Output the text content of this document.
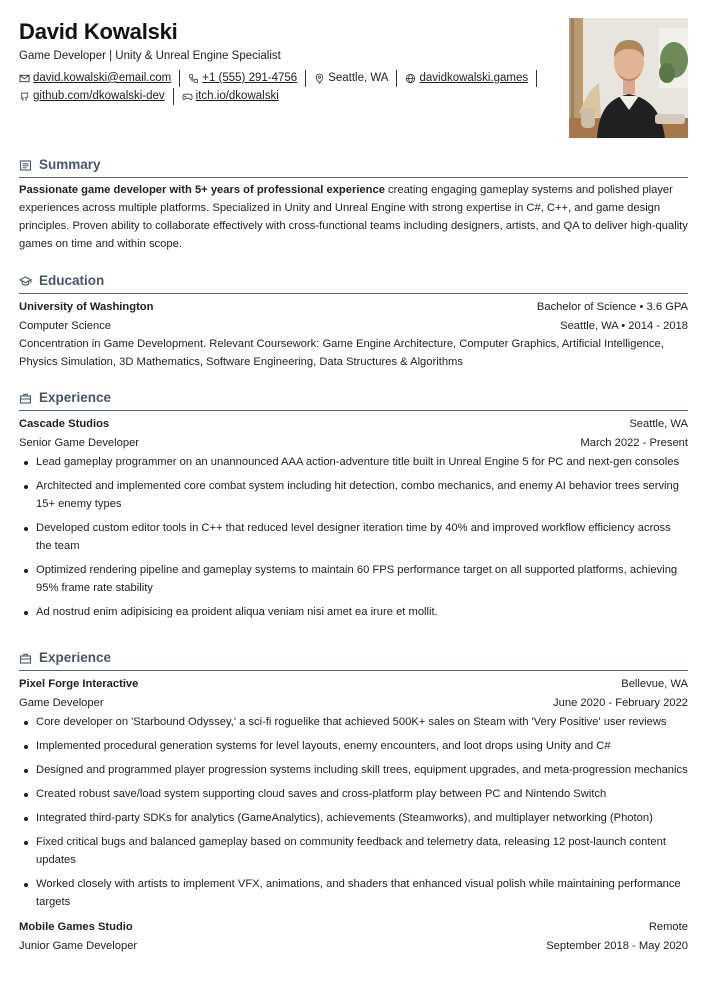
David Kowalski
Game Developer | Unity & Unreal Engine Specialist
david.kowalski@email.com	+1 (555) 291-4756	Seattle, WA	davidkowalski.games
github.com/dkowalski-dev	itch.io/dkowalski
Summary
Passionate game developer with 5+ years of professional experience creating engaging gameplay systems and polished player experiences across multiple platforms. Specialized in Unity and Unreal Engine with strong expertise in C#, C++, and game design principles. Proven ability to collaborate effectively with cross-functional teams including designers, artists, and QA to deliver high-quality games on time and within scope.
Education
University of Washington	Bachelor of Science • 3.6 GPA
Computer Science	Seattle, WA • 2014 - 2018
Concentration in Game Development. Relevant Coursework: Game Engine Architecture, Computer Graphics, Artificial Intelligence, Physics Simulation, 3D Mathematics, Software Engineering, Data Structures & Algorithms
Experience
Cascade Studios	Seattle, WA
Senior Game Developer	March 2022 - Present
Lead gameplay programmer on an unannounced AAA action-adventure title built in Unreal Engine 5 for PC and next-gen consoles
Architected and implemented core combat system including hit detection, combo mechanics, and enemy AI behavior trees serving 15+ enemy types
Developed custom editor tools in C++ that reduced level designer iteration time by 40% and improved workflow efficiency across the team
Optimized rendering pipeline and gameplay systems to maintain 60 FPS performance target on all supported platforms, achieving 95% frame rate stability
Ad nostrud enim adipisicing ea proident aliqua veniam nisi amet ea irure et mollit.
Experience
Pixel Forge Interactive	Bellevue, WA
Game Developer	June 2020 - February 2022
Core developer on 'Starbound Odyssey,' a sci-fi roguelike that achieved 500K+ sales on Steam with 'Very Positive' user reviews
Implemented procedural generation systems for level layouts, enemy encounters, and loot drops using Unity and C#
Designed and programmed player progression systems including skill trees, equipment upgrades, and meta-progression mechanics
Created robust save/load system supporting cloud saves and cross-platform play between PC and Nintendo Switch
Integrated third-party SDKs for analytics (GameAnalytics), achievements (Steamworks), and multiplayer networking (Photon)
Fixed critical bugs and balanced gameplay based on community feedback and telemetry data, releasing 12 post-launch content updates
Worked closely with artists to implement VFX, animations, and shaders that enhanced visual polish while maintaining performance targets
Mobile Games Studio	Remote
Junior Game Developer	September 2018 - May 2020
